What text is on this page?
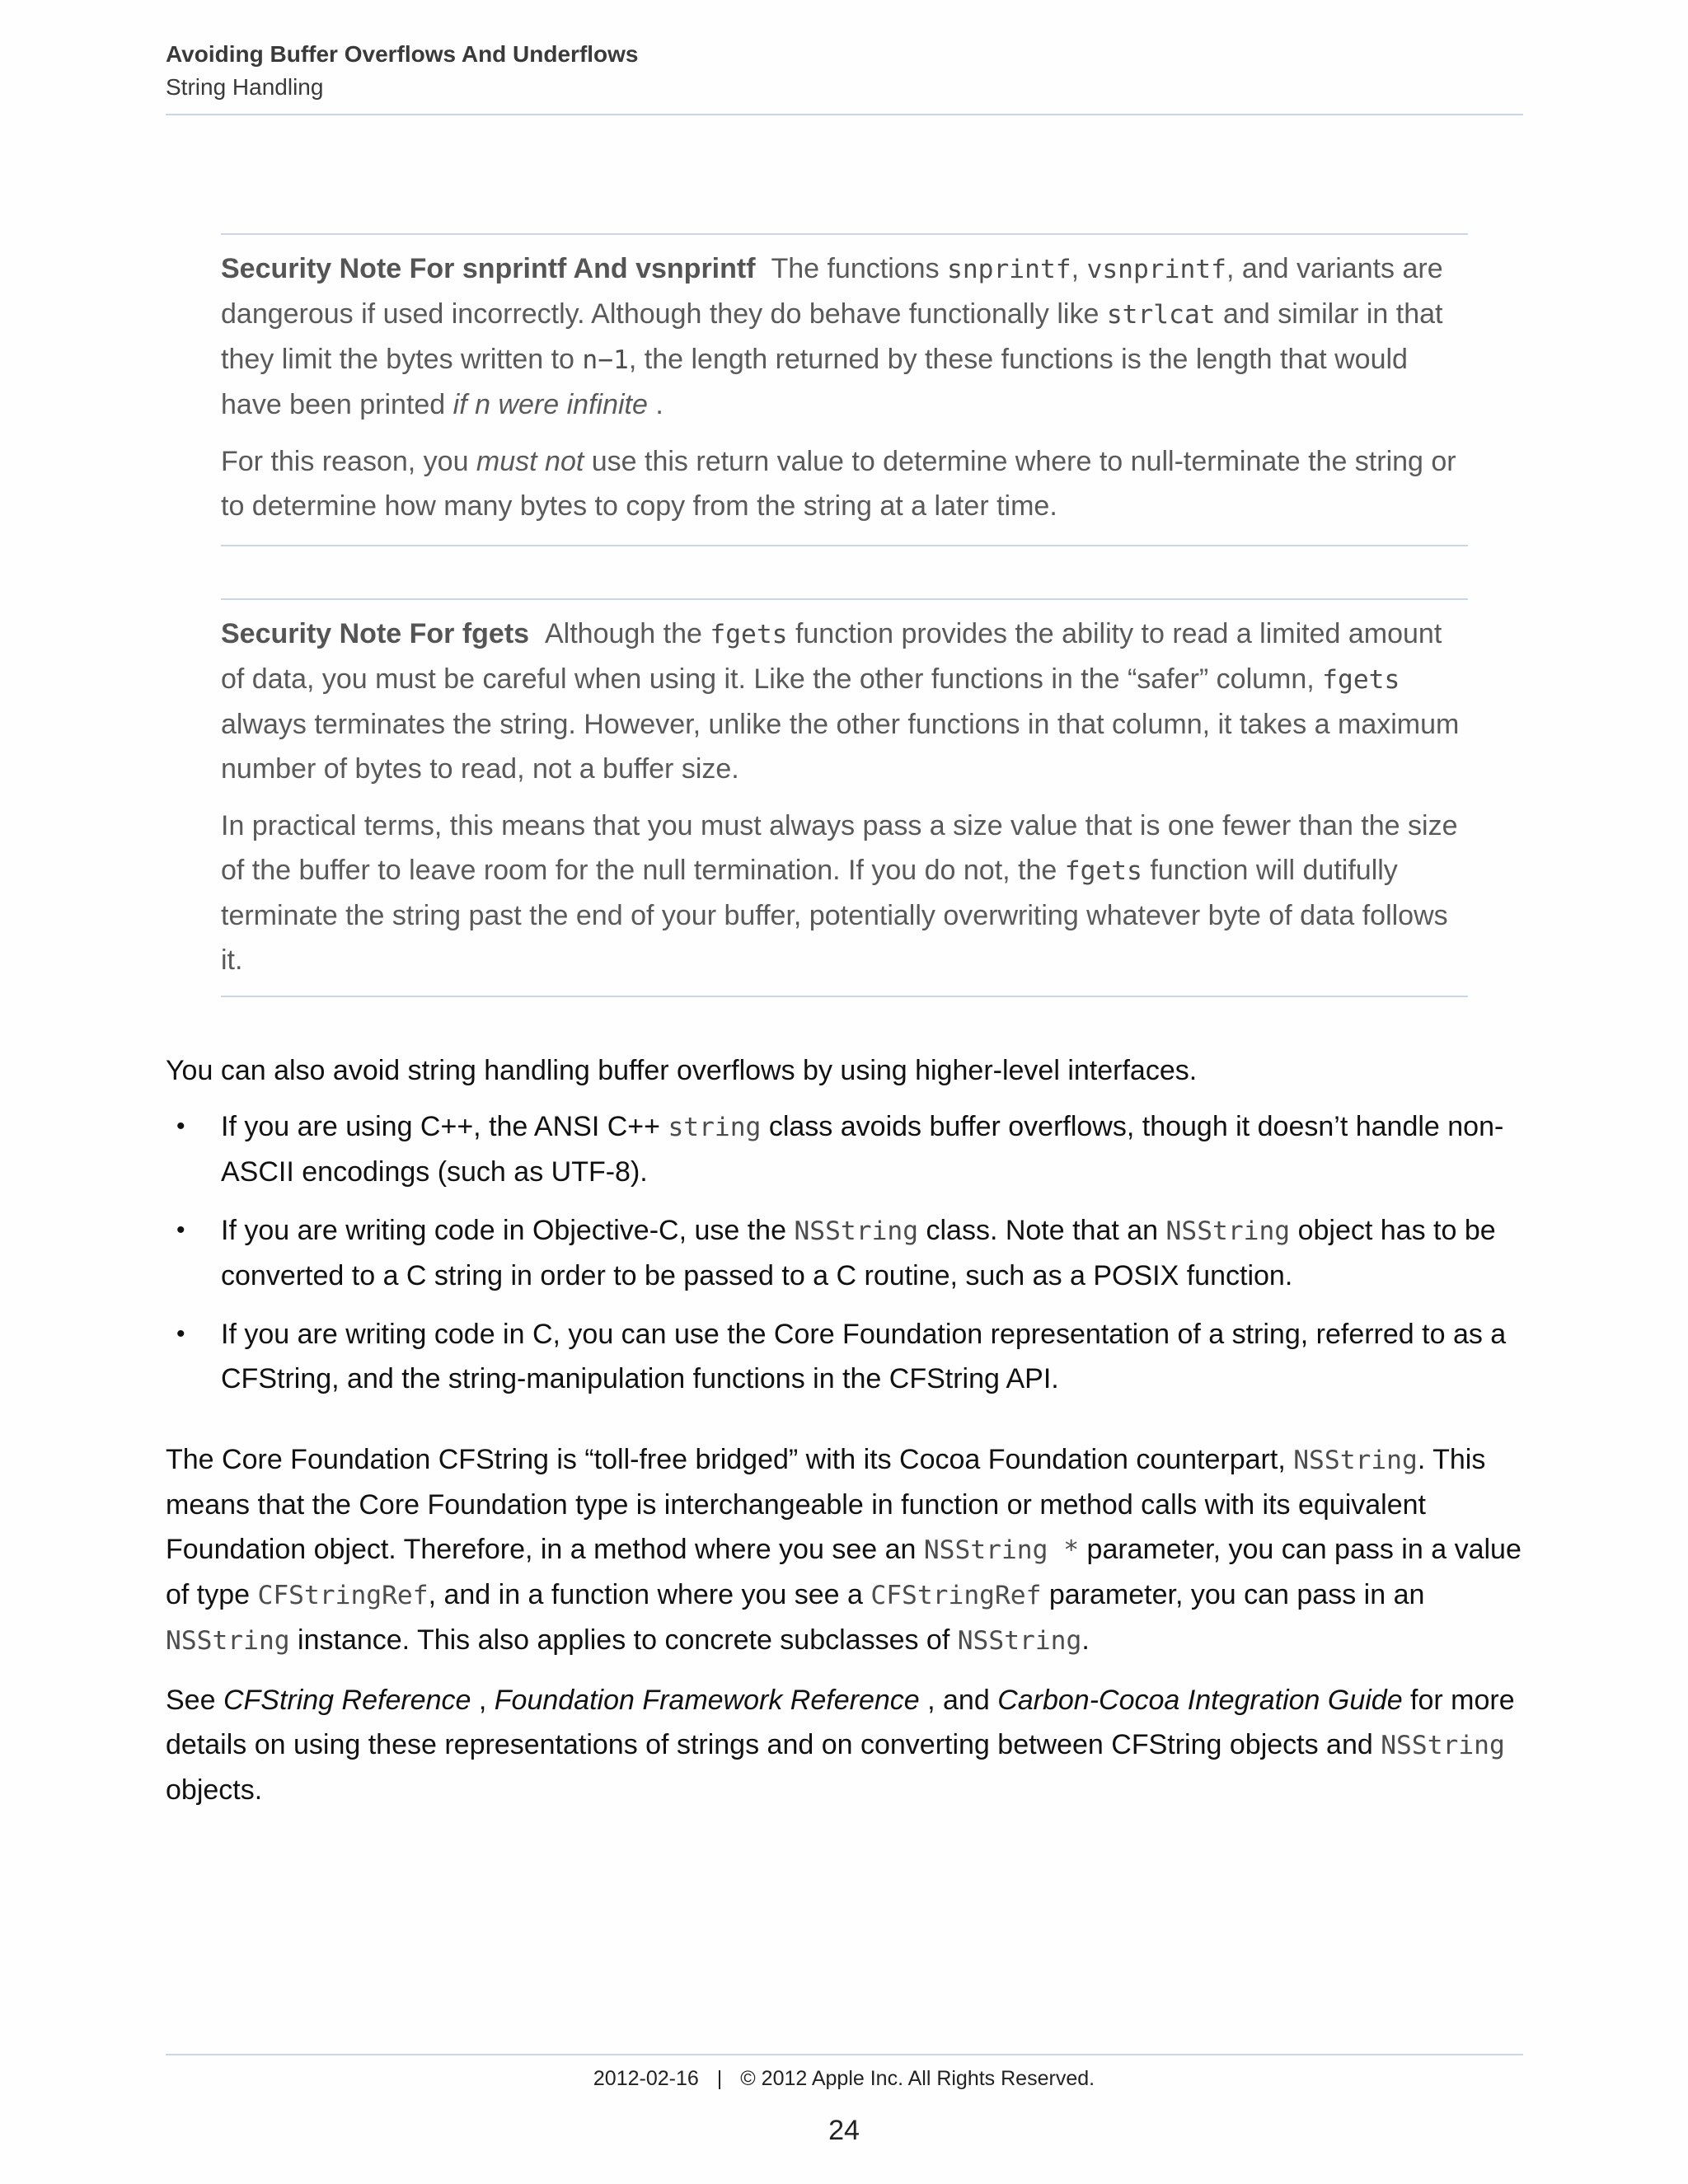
Avoiding Buffer Overflows And Underflows
String Handling

Security Note For snprintf And vsnprintf The functions snprintf, vsnprintf, and variants are dangerous if used incorrectly. Although they do behave functionally like strlcat and similar in that they limit the bytes written to n−1, the length returned by these functions is the length that would have been printed if n were infinite .

For this reason, you must not use this return value to determine where to null-terminate the string or to determine how many bytes to copy from the string at a later time.

Security Note For fgets Although the fgets function provides the ability to read a limited amount of data, you must be careful when using it. Like the other functions in the “safer” column, fgets always terminates the string. However, unlike the other functions in that column, it takes a maximum number of bytes to read, not a buffer size.

In practical terms, this means that you must always pass a size value that is one fewer than the size of the buffer to leave room for the null termination. If you do not, the fgets function will dutifully terminate the string past the end of your buffer, potentially overwriting whatever byte of data follows it.

You can also avoid string handling buffer overflows by using higher-level interfaces.

• If you are using C++, the ANSI C++ string class avoids buffer overflows, though it doesn’t handle non-ASCII encodings (such as UTF-8).
• If you are writing code in Objective-C, use the NSString class. Note that an NSString object has to be converted to a C string in order to be passed to a C routine, such as a POSIX function.
• If you are writing code in C, you can use the Core Foundation representation of a string, referred to as a CFString, and the string-manipulation functions in the CFString API.

The Core Foundation CFString is “toll-free bridged” with its Cocoa Foundation counterpart, NSString. This means that the Core Foundation type is interchangeable in function or method calls with its equivalent Foundation object. Therefore, in a method where you see an NSString * parameter, you can pass in a value of type CFStringRef, and in a function where you see a CFStringRef parameter, you can pass in an NSString instance. This also applies to concrete subclasses of NSString.

See CFString Reference , Foundation Framework Reference , and Carbon-Cocoa Integration Guide for more details on using these representations of strings and on converting between CFString objects and NSString objects.

2012-02-16 | © 2012 Apple Inc. All Rights Reserved.
24
